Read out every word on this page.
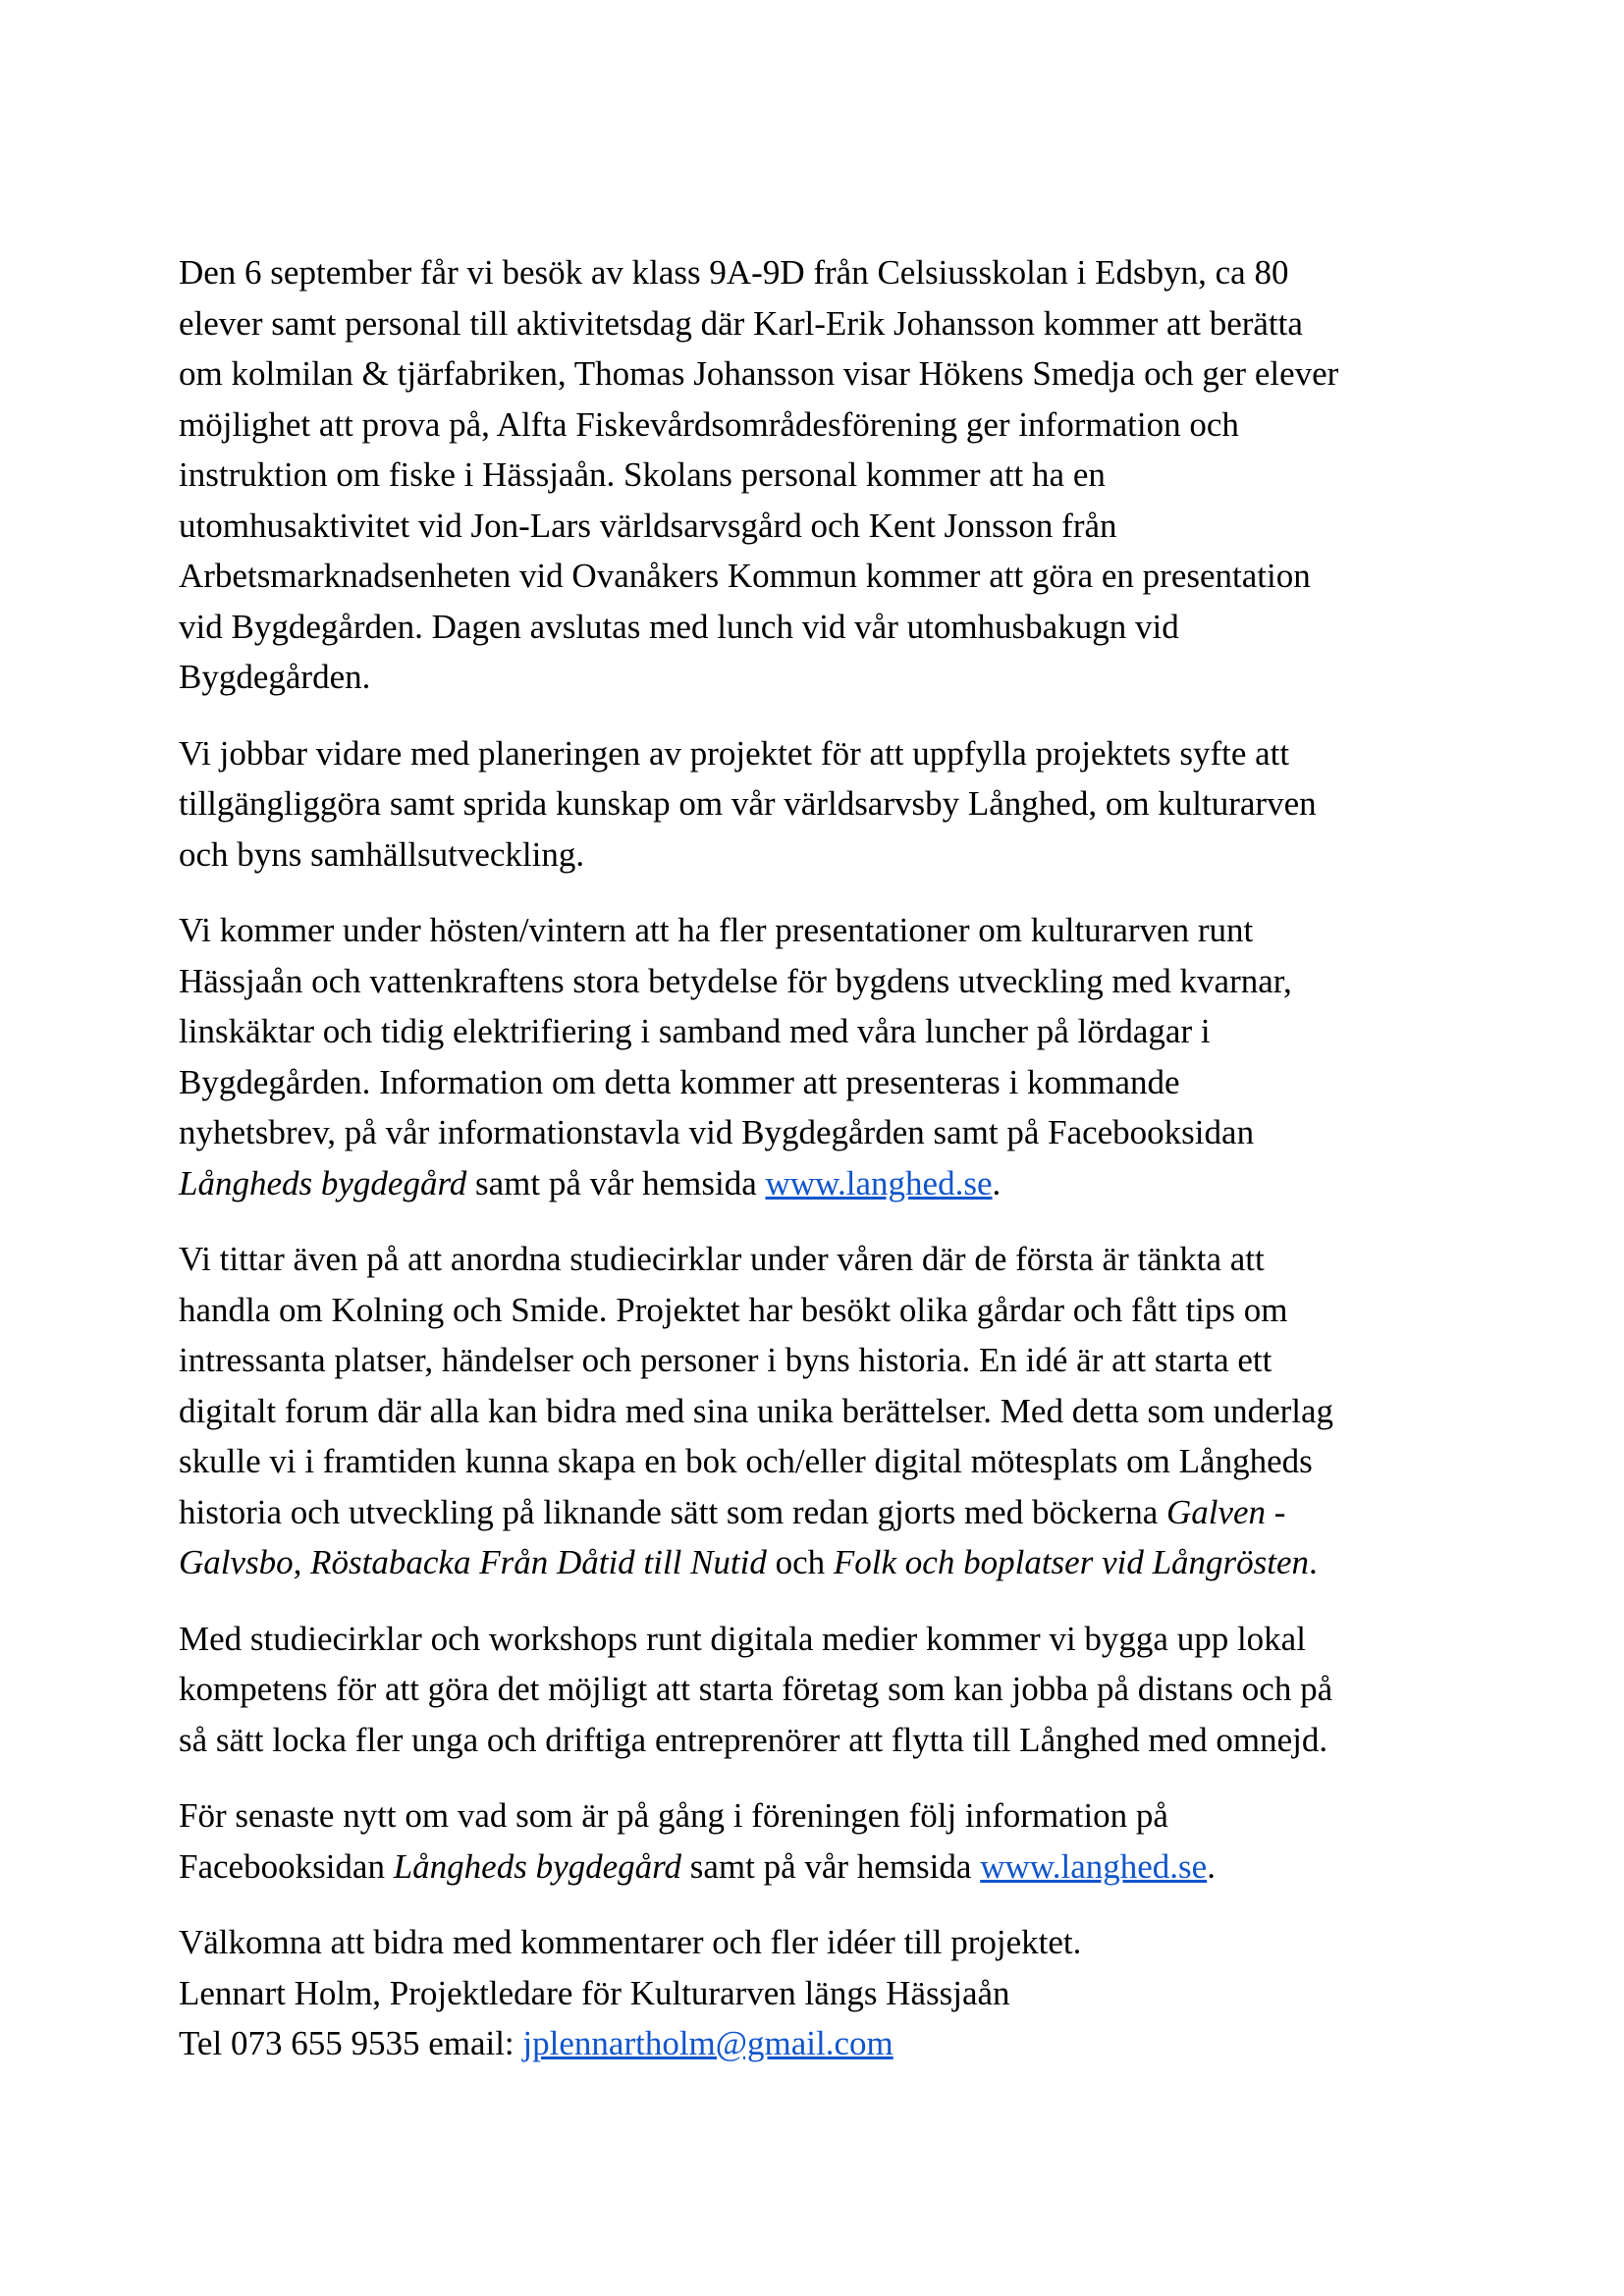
Den 6 september får vi besök av klass 9A-9D från Celsiusskolan i Edsbyn, ca 80
elever samt personal till aktivitetsdag där Karl-Erik Johansson kommer att berätta
om kolmilan & tjärfabriken, Thomas Johansson visar Hökens Smedja och ger elever
möjlighet att prova på, Alfta Fiskevårdsområdesförening ger information och
instruktion om fiske i Hässjaån. Skolans personal kommer att ha en
utomhusaktivitet vid Jon-Lars världsarvsgård och Kent Jonsson från
Arbetsmarknadsenheten vid Ovanåkers Kommun kommer att göra en presentation
vid Bygdegården. Dagen avslutas med lunch vid vår utomhusbakugn vid
Bygdegården.

Vi jobbar vidare med planeringen av projektet för att uppfylla projektets syfte att
tillgängliggöra samt sprida kunskap om vår världsarvsby Långhed, om kulturarven
och byns samhällsutveckling.

Vi kommer under hösten/vintern att ha fler presentationer om kulturarven runt
Hässjaån och vattenkraftens stora betydelse för bygdens utveckling med kvarnar,
linskäktar och tidig elektrifiering i samband med våra luncher på lördagar i
Bygdegården. Information om detta kommer att presenteras i kommande
nyhetsbrev, på vår informationstavla vid Bygdegården samt på Facebooksidan
Långheds bygdegård samt på vår hemsida www.langhed.se.

Vi tittar även på att anordna studiecirklar under våren där de första är tänkta att
handla om Kolning och Smide. Projektet har besökt olika gårdar och fått tips om
intressanta platser, händelser och personer i byns historia. En idé är att starta ett
digitalt forum där alla kan bidra med sina unika berättelser. Med detta som underlag
skulle vi i framtiden kunna skapa en bok och/eller digital mötesplats om Långheds
historia och utveckling på liknande sätt som redan gjorts med böckerna Galven -
Galvsbo, Röstabacka Från Dåtid till Nutid och Folk och boplatser vid Långrösten.

Med studiecirklar och workshops runt digitala medier kommer vi bygga upp lokal
kompetens för att göra det möjligt att starta företag som kan jobba på distans och på
så sätt locka fler unga och driftiga entreprenörer att flytta till Långhed med omnejd.

För senaste nytt om vad som är på gång i föreningen följ information på
Facebooksidan Långheds bygdegård samt på vår hemsida www.langhed.se.

Välkomna att bidra med kommentarer och fler idéer till projektet.
Lennart Holm, Projektledare för Kulturarven längs Hässjaån
Tel 073 655 9535 email: jplennartholm@gmail.com
